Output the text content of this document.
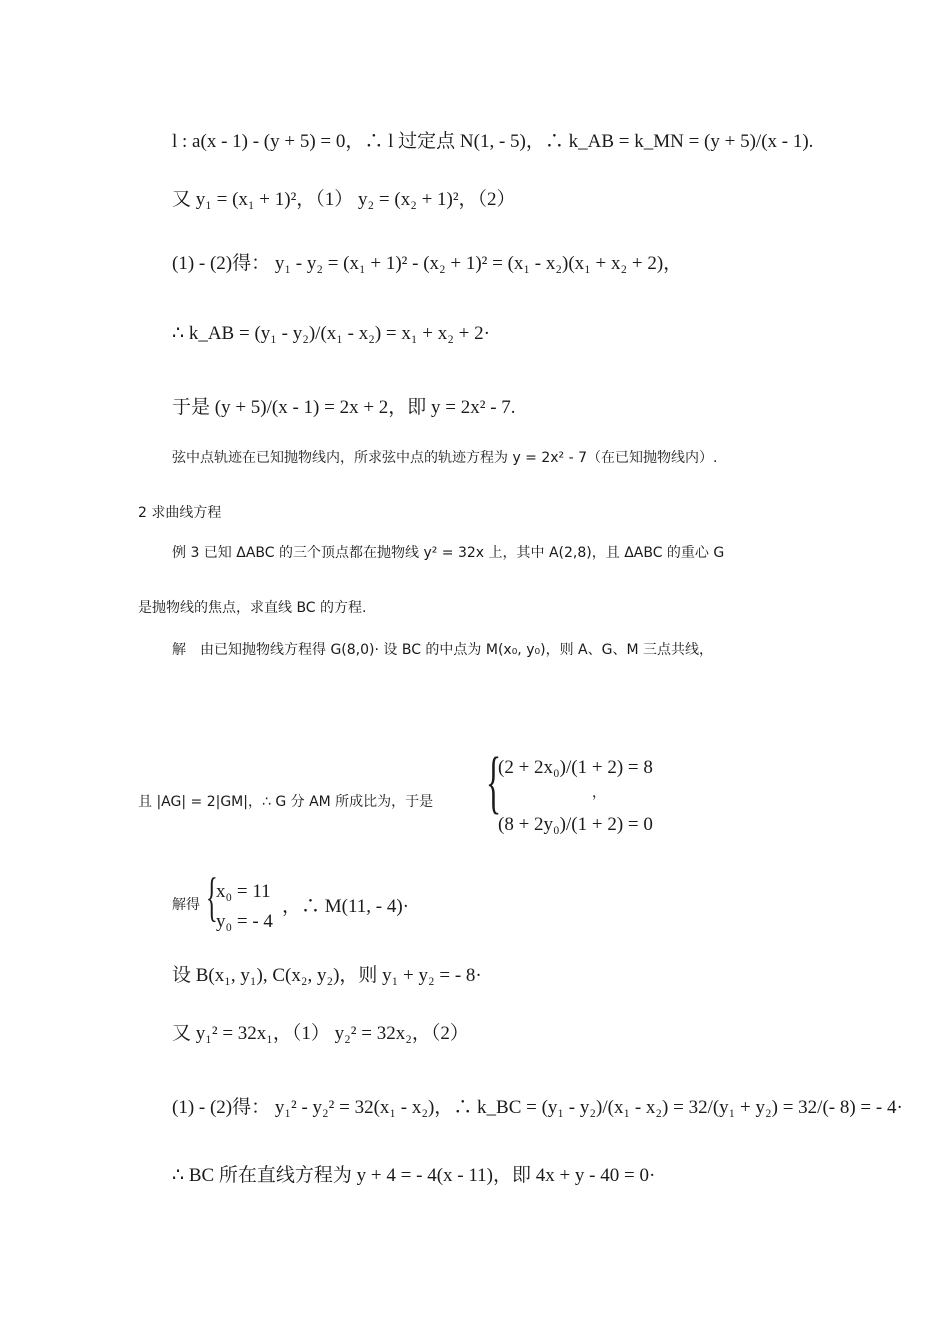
l : a(x - 1) - (y + 5) = 0，∴ l 过定点 N(1, - 5)，∴ k_AB = k_MN = (y + 5)/(x - 1).
又 y₁ = (x₁ + 1)²，（1） y₂ = (x₂ + 1)²，（2）
(1) - (2)得： y₁ - y₂ = (x₁ + 1)² - (x₂ + 1)² = (x₁ - x₂)(x₁ + x₂ + 2)，
∴ k_AB = (y₁ - y₂)/(x₁ - x₂) = x₁ + x₂ + 2·
于是 (y + 5)/(x - 1) = 2x + 2，即 y = 2x² - 7.
弦中点轨迹在已知抛物线内，所求弦中点的轨迹方程为 y = 2x² - 7（在已知抛物线内）.
2 求曲线方程
例 3 已知 ΔABC 的三个顶点都在抛物线 y² = 32x 上，其中 A(2,8)，且 ΔABC 的重心 G
是抛物线的焦点，求直线 BC 的方程.
解　由已知抛物线方程得 G(8,0)· 设 BC 的中点为 M(x₀, y₀)，则 A、G、M 三点共线，
且 |AG| = 2|GM|，∴ G 分 AM 所成比为，于是 {
(2 + 2x₀)/(1 + 2) = 8
(8 + 2y₀)/(1 + 2) = 0
，
解得 {
x₀ = 11
y₀ = - 4
，∴ M(11, - 4)·
设 B(x₁, y₁), C(x₂, y₂)，则 y₁ + y₂ = - 8·
又 y₁² = 32x₁，（1） y₂² = 32x₂，（2）
(1) - (2)得： y₁² - y₂² = 32(x₁ - x₂)，∴ k_BC = (y₁ - y₂)/(x₁ - x₂) = 32/(y₁ + y₂) = 32/(- 8) = - 4·
∴ BC 所在直线方程为 y + 4 = - 4(x - 11)，即 4x + y - 40 = 0·
